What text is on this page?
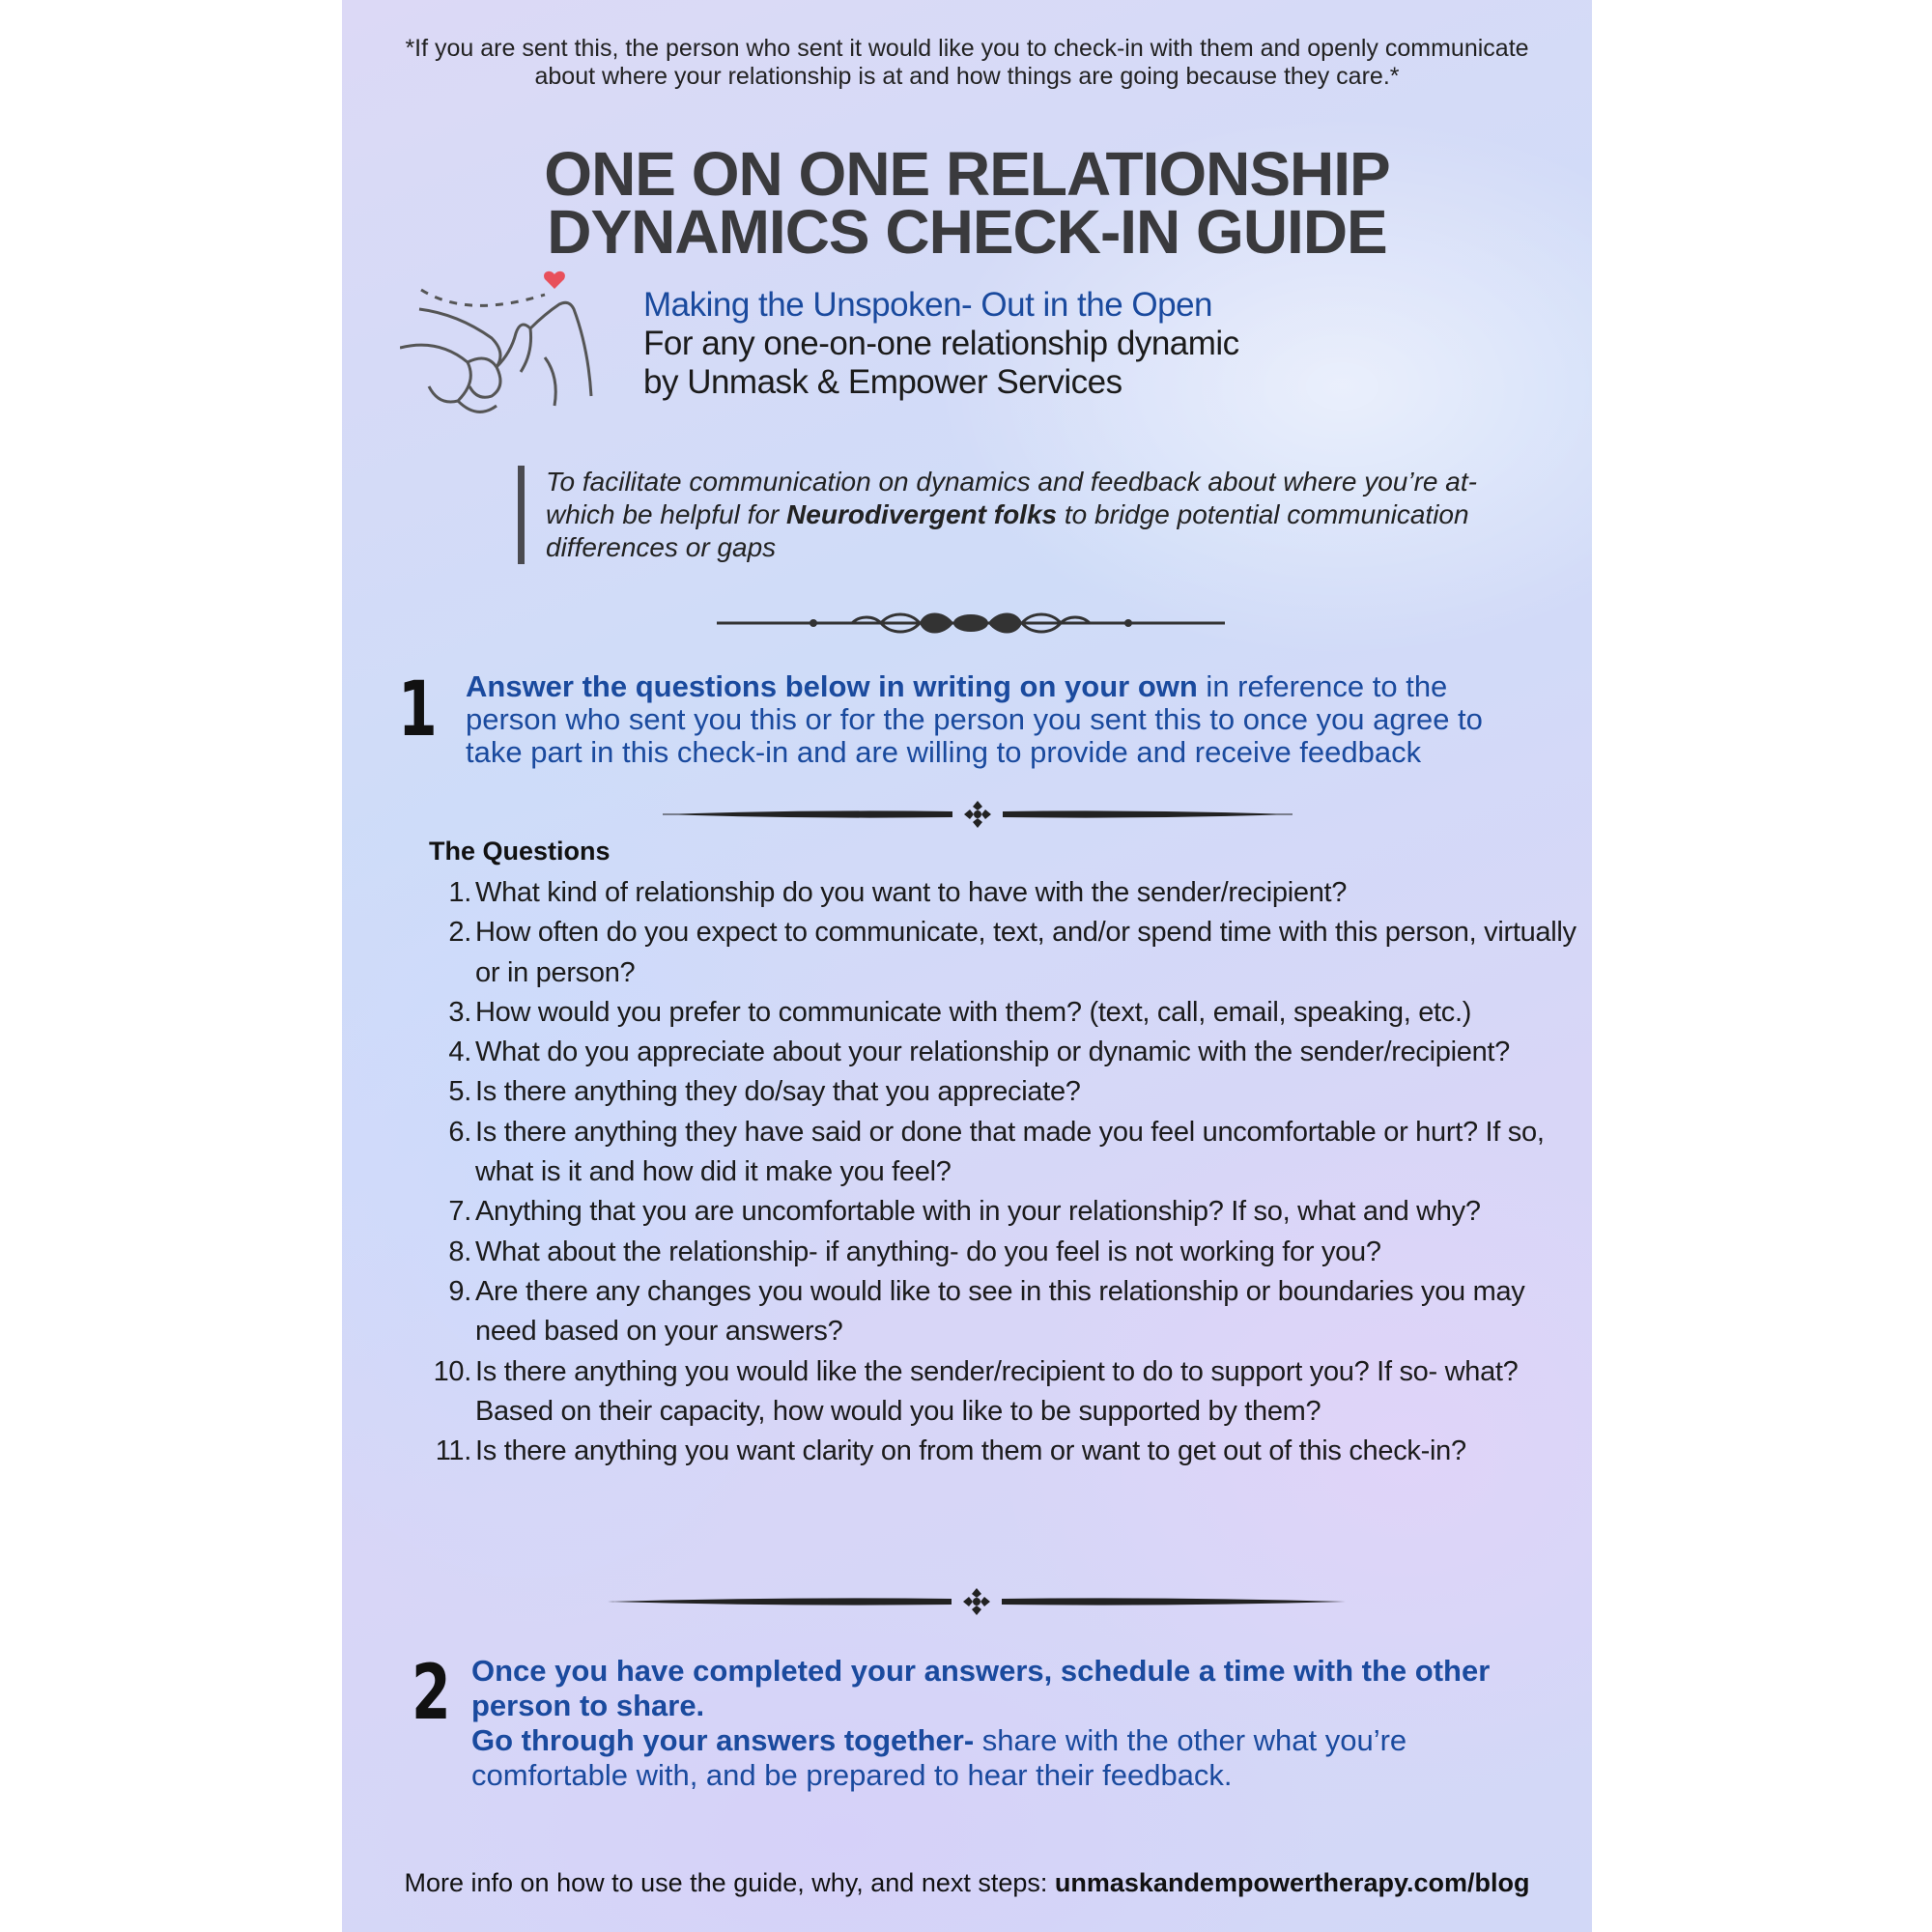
*If you are sent this, the person who sent it would like you to check-in with them and openly communicate about where your relationship is at and how things are going because they care.*

ONE ON ONE RELATIONSHIP
DYNAMICS CHECK-IN GUIDE
Making the Unspoken- Out in the Open
For any one-on-one relationship dynamic
by Unmask & Empower Services

To facilitate communication on dynamics and feedback about where you’re at- which be helpful for Neurodivergent folks to bridge potential communication differences or gaps

1 Answer the questions below in writing on your own in reference to the person who sent you this or for the person you sent this to once you agree to take part in this check-in and are willing to provide and receive feedback

The Questions
1. What kind of relationship do you want to have with the sender/recipient?
2. How often do you expect to communicate, text, and/or spend time with this person, virtually or in person?
3. How would you prefer to communicate with them? (text, call, email, speaking, etc.)
4. What do you appreciate about your relationship or dynamic with the sender/recipient?
5. Is there anything they do/say that you appreciate?
6. Is there anything they have said or done that made you feel uncomfortable or hurt? If so, what is it and how did it make you feel?
7. Anything that you are uncomfortable with in your relationship? If so, what and why?
8. What about the relationship- if anything- do you feel is not working for you?
9. Are there any changes you would like to see in this relationship or boundaries you may need based on your answers?
10. Is there anything you would like the sender/recipient to do to support you? If so- what? Based on their capacity, how would you like to be supported by them?
11. Is there anything you want clarity on from them or want to get out of this check-in?
2 Once you have completed your answers, schedule a time with the other person to share.
Go through your answers together- share with the other what you’re comfortable with, and be prepared to hear their feedback.

More info on how to use the guide, why, and next steps: unmaskandempowertherapy.com/blog
